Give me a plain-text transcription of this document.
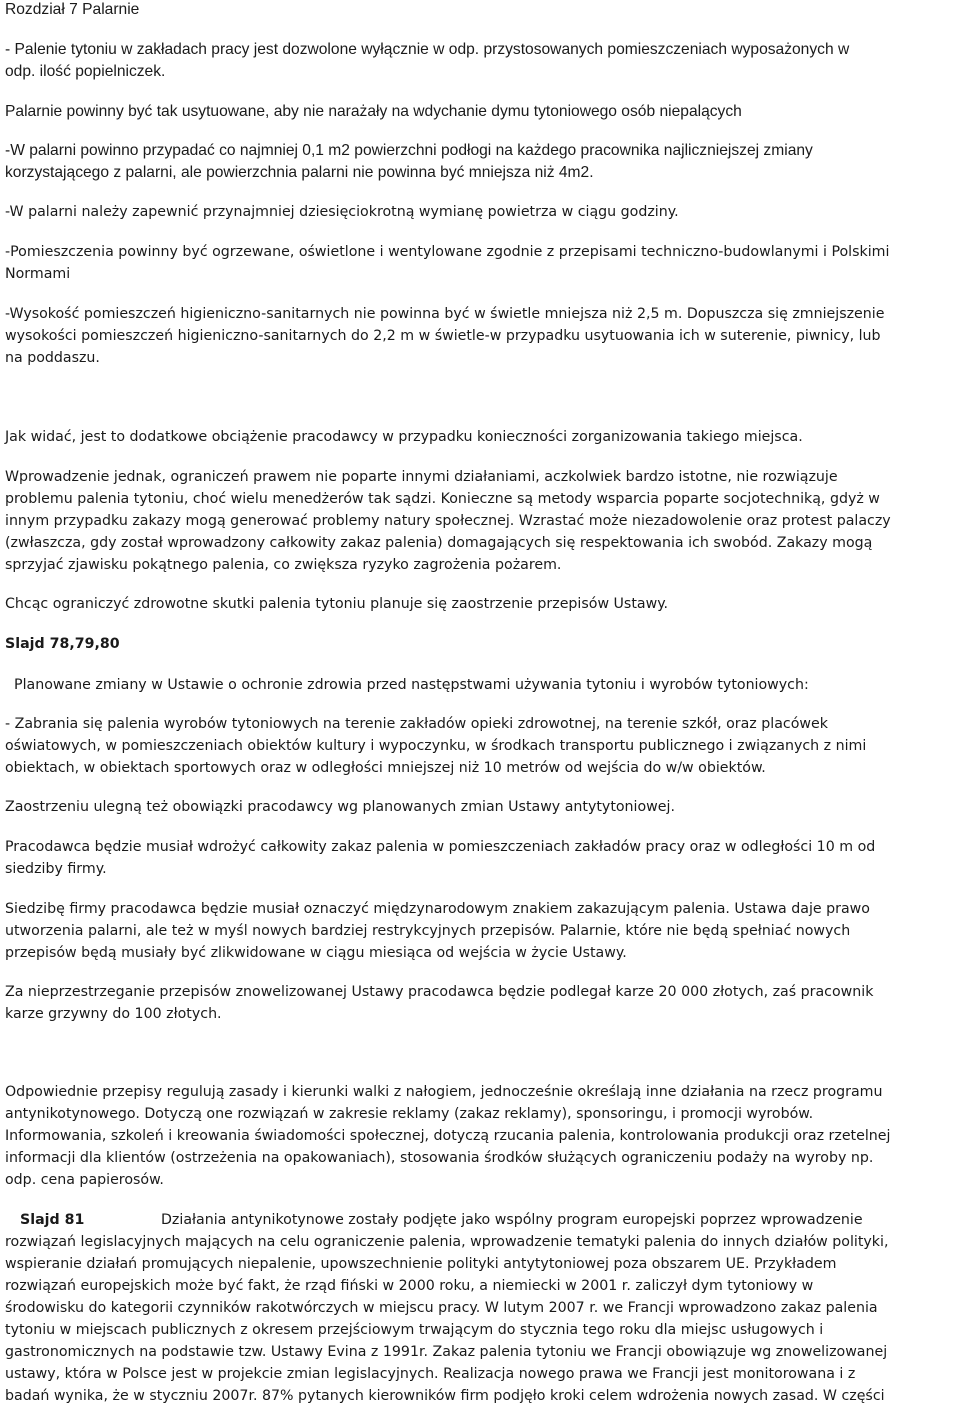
Rozdział 7 Palarnie

- Palenie tytoniu w zakładach pracy jest dozwolone wyłącznie w odp. przystosowanych pomieszczeniach wyposażonych w

odp. ilość popielniczek.

Palarnie powinny być tak usytuowane, aby nie narażały na wdychanie dymu tytoniowego osób niepalących

-W palarni powinno przypadać co najmniej 0,1 m2 powierzchni podłogi na każdego pracownika najliczniejszej zmiany

korzystającego z palarni, ale powierzchnia palarni nie powinna być mniejsza niż 4m2.

-W palarni należy zapewnić przynajmniej dziesięciokrotną wymianę powietrza w ciągu godziny.

-Pomieszczenia powinny być ogrzewane, oświetlone i wentylowane zgodnie z przepisami techniczno-budowlanymi i Polskimi

Normami

-Wysokość pomieszczeń higieniczno-sanitarnych nie powinna być w świetle mniejsza niż 2,5 m. Dopuszcza się zmniejszenie

wysokości pomieszczeń higieniczno-sanitarnych do 2,2 m w świetle-w przypadku usytuowania ich w suterenie, piwnicy, lub

na poddaszu.

Jak widać, jest to dodatkowe obciążenie pracodawcy w przypadku konieczności zorganizowania takiego miejsca.

Wprowadzenie jednak, ograniczeń prawem nie poparte innymi działaniami, aczkolwiek bardzo istotne, nie rozwiązuje

problemu palenia tytoniu, choć wielu menedżerów tak sądzi. Konieczne są metody wsparcia poparte socjotechniką, gdyż w

innym przypadku zakazy mogą generować problemy natury społecznej. Wzrastać może niezadowolenie oraz protest palaczy

(zwłaszcza, gdy został wprowadzony całkowity zakaz palenia) domagających się respektowania ich swobód. Zakazy mogą

sprzyjać zjawisku pokątnego palenia, co zwiększa ryzyko zagrożenia pożarem.

Chcąc ograniczyć zdrowotne skutki palenia tytoniu planuje się zaostrzenie przepisów Ustawy.

Slajd 78,79,80

Planowane zmiany w Ustawie o ochronie zdrowia przed następstwami używania tytoniu i wyrobów tytoniowych:

- Zabrania się palenia wyrobów tytoniowych na terenie zakładów opieki zdrowotnej, na terenie szkół, oraz placówek

oświatowych, w pomieszczeniach obiektów kultury i wypoczynku, w środkach transportu publicznego i związanych z nimi

obiektach, w obiektach sportowych oraz w odległości mniejszej niż 10 metrów od wejścia do w/w obiektów.

Zaostrzeniu ulegną też obowiązki pracodawcy wg planowanych zmian Ustawy antytytoniowej.

Pracodawca będzie musiał wdrożyć całkowity zakaz palenia w pomieszczeniach zakładów pracy oraz w odległości 10 m od

siedziby firmy.

Siedzibę firmy pracodawca będzie musiał oznaczyć międzynarodowym znakiem zakazującym palenia. Ustawa daje prawo

utworzenia palarni, ale też w myśl nowych bardziej restrykcyjnych przepisów. Palarnie, które nie będą spełniać nowych

przepisów będą musiały być zlikwidowane w ciągu miesiąca od wejścia w życie Ustawy.

Za nieprzestrzeganie przepisów znowelizowanej Ustawy pracodawca będzie podlegał karze 20 000 złotych, zaś pracownik

karze grzywny do 100 złotych.

Odpowiednie przepisy regulują zasady i kierunki walki z nałogiem, jednocześnie określają inne działania na rzecz programu

antynikotynowego. Dotyczą one rozwiązań w zakresie reklamy (zakaz reklamy), sponsoringu, i promocji wyrobów.

Informowania, szkoleń i kreowania świadomości społecznej, dotyczą rzucania palenia, kontrolowania produkcji oraz rzetelnej

informacji dla klientów (ostrzeżenia na opakowaniach), stosowania środków służących ograniczeniu podaży na wyroby np.

odp. cena papierosów.

Slajd 81	Działania antynikotynowe zostały podjęte jako wspólny program europejski poprzez wprowadzenie

rozwiązań legislacyjnych mających na celu ograniczenie palenia, wprowadzenie tematyki palenia do innych działów polityki,

wspieranie działań promujących niepalenie, upowszechnienie polityki antytytoniowej poza obszarem UE. Przykładem

rozwiązań europejskich może być fakt, że rząd fiński w 2000 roku, a niemiecki w 2001 r. zaliczył dym tytoniowy w

środowisku do kategorii czynników rakotwórczych w miejscu pracy. W lutym 2007 r. we Francji wprowadzono zakaz palenia

tytoniu w miejscach publicznych z okresem przejściowym trwającym do stycznia tego roku dla miejsc usługowych i

gastronomicznych na podstawie tzw. Ustawy Evina z 1991r. Zakaz palenia tytoniu we Francji obowiązuje wg znowelizowanej

ustawy, która w Polsce jest w projekcie zmian legislacyjnych. Realizacja nowego prawa we Francji jest monitorowana i z

badań wynika, że w styczniu 2007r. 87% pytanych kierowników firm podjęło kroki celem wdrożenia nowych zasad. W części
